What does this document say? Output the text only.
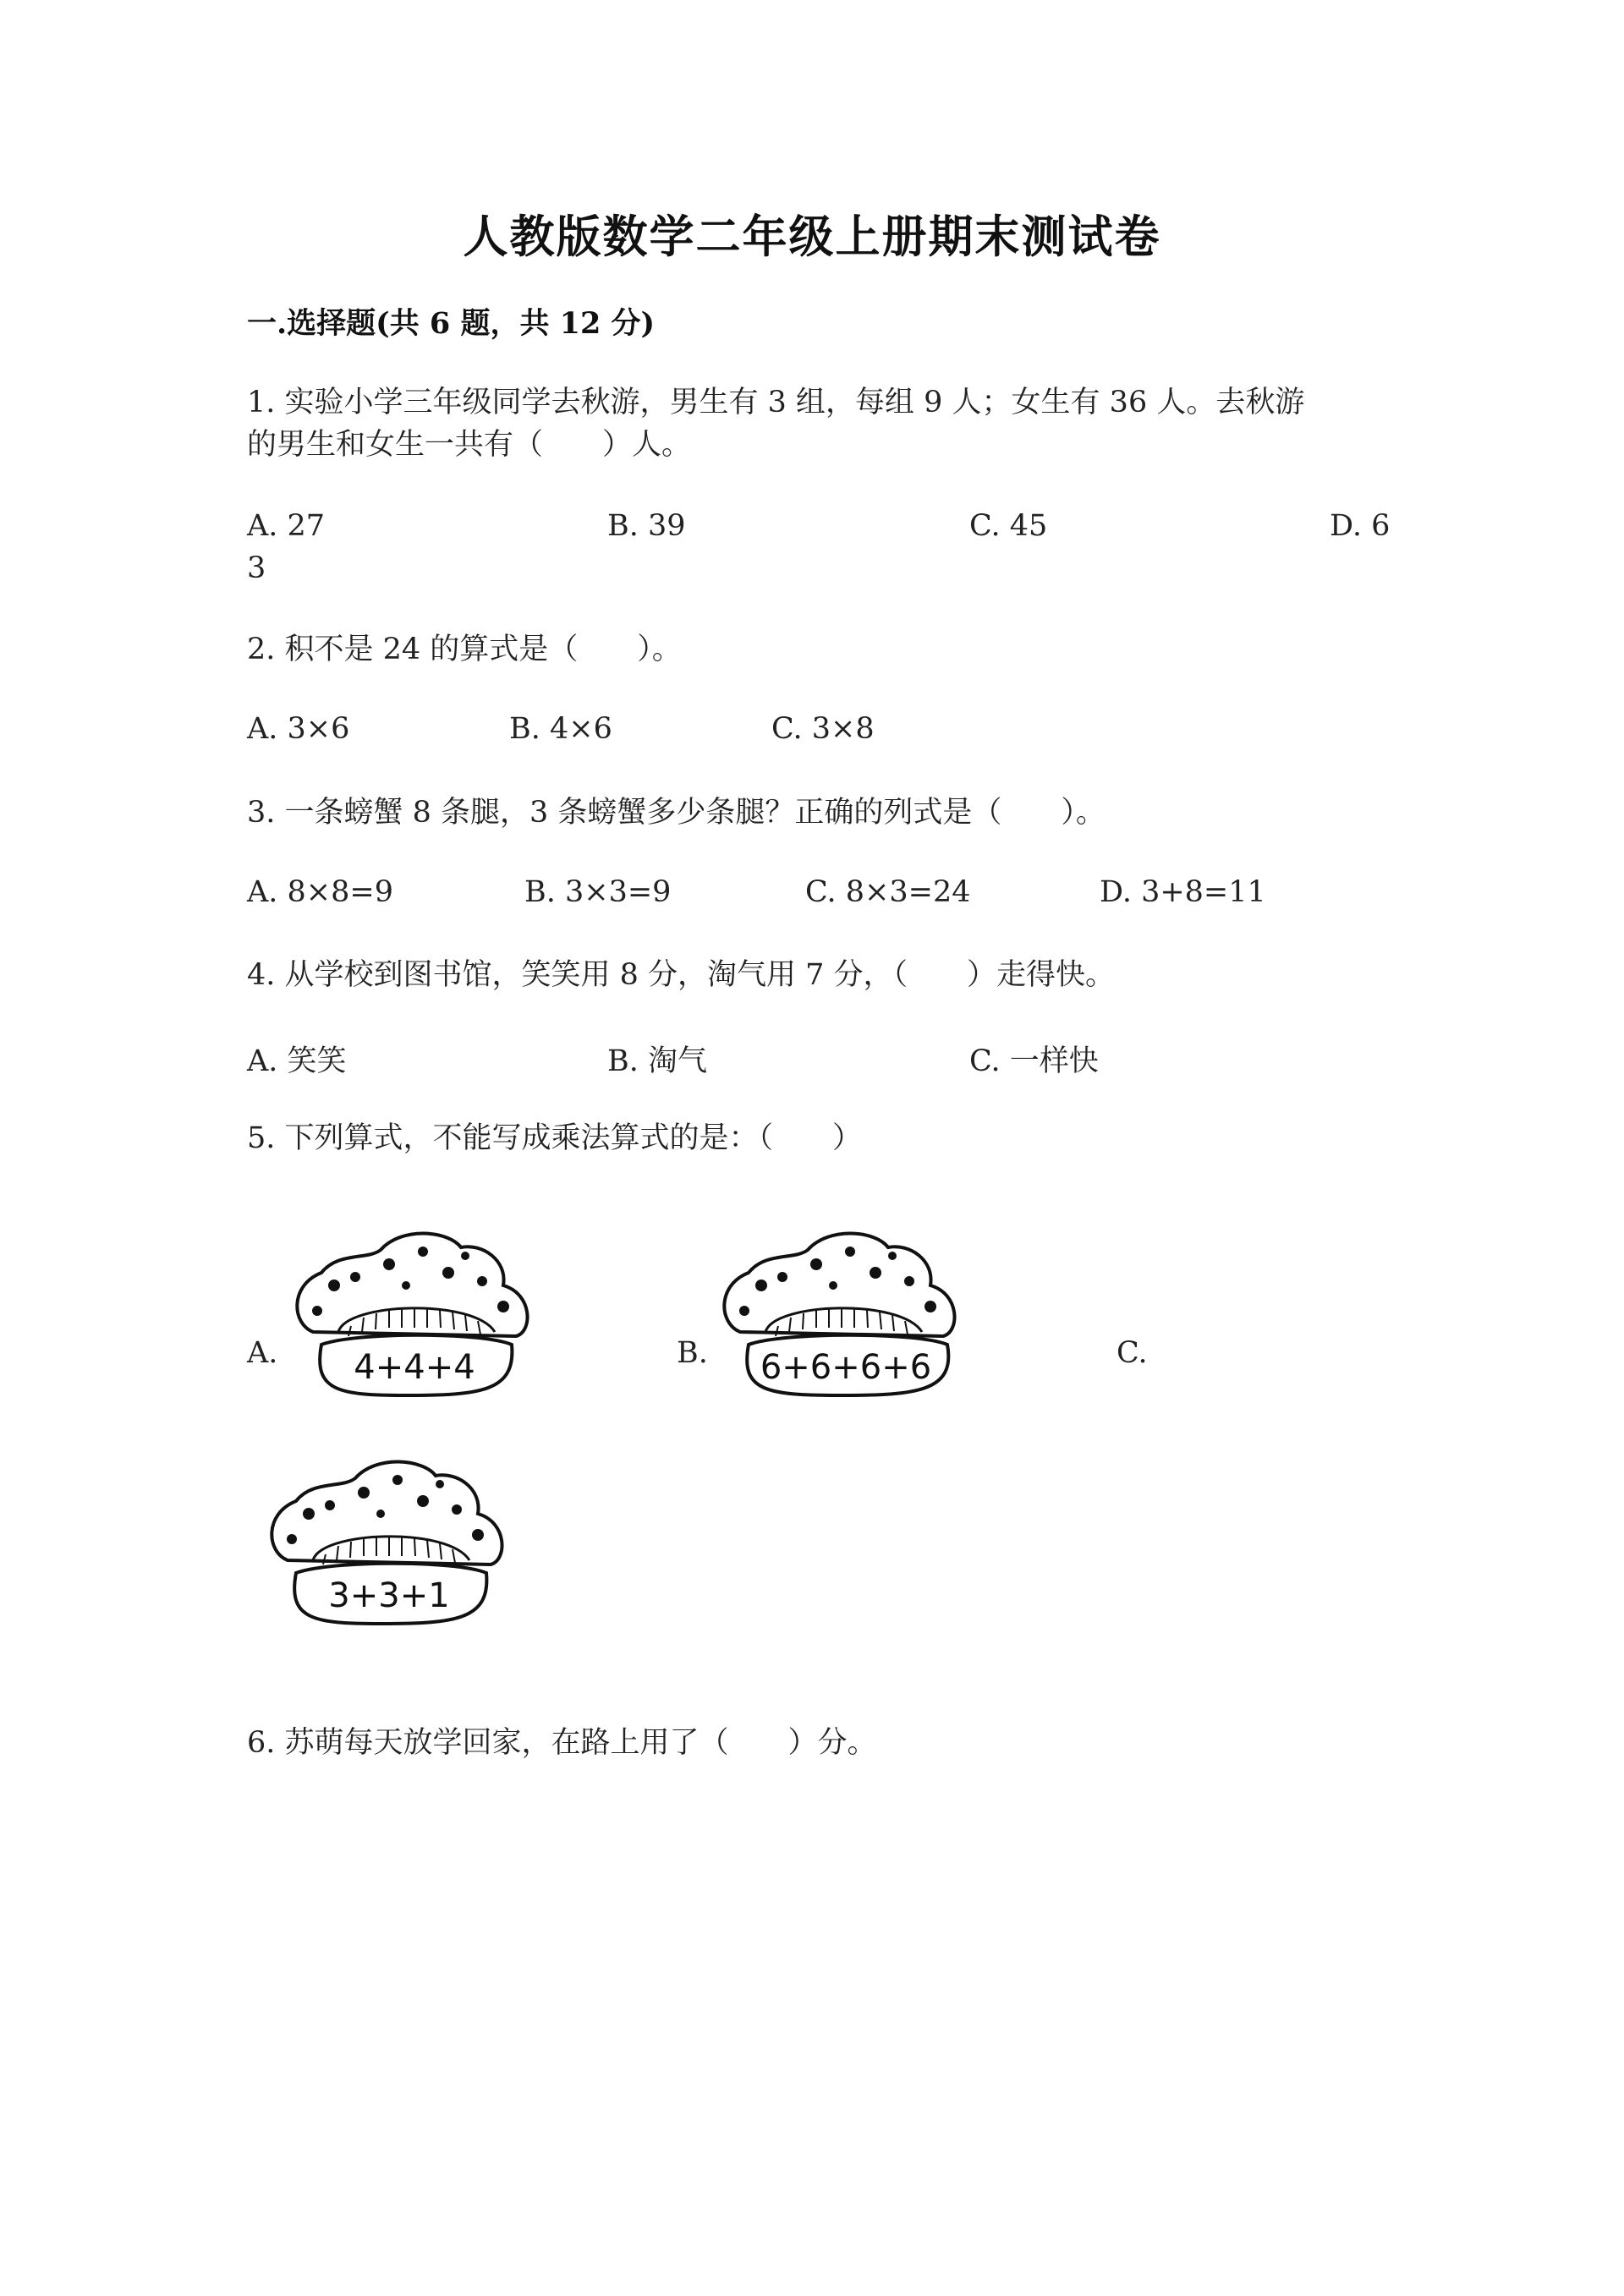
人教版数学二年级上册期末测试卷
一.选择题(共 6 题，共 12 分)
1. 实验小学三年级同学去秋游，男生有 3 组，每组 9 人；女生有 36 人。去秋游
的男生和女生一共有（　　）人。
A. 27	B. 39	C. 45	D. 6
3
2. 积不是 24 的算式是（　　）。
A. 3×6	B. 4×6	C. 3×8
3. 一条螃蟹 8 条腿，3 条螃蟹多少条腿？正确的列式是（　　）。
A. 8×8=9	B. 3×3=9	C. 8×3=24	D. 3+8=11
4. 从学校到图书馆，笑笑用 8 分，淘气用 7 分，（　　）走得快。
A. 笑笑	B. 淘气	C. 一样快
5. 下列算式，不能写成乘法算式的是：（　　）
A.	B.	C.
4+4+4	6+6+6+6
3+3+1
6. 苏萌每天放学回家，在路上用了（　　）分。
